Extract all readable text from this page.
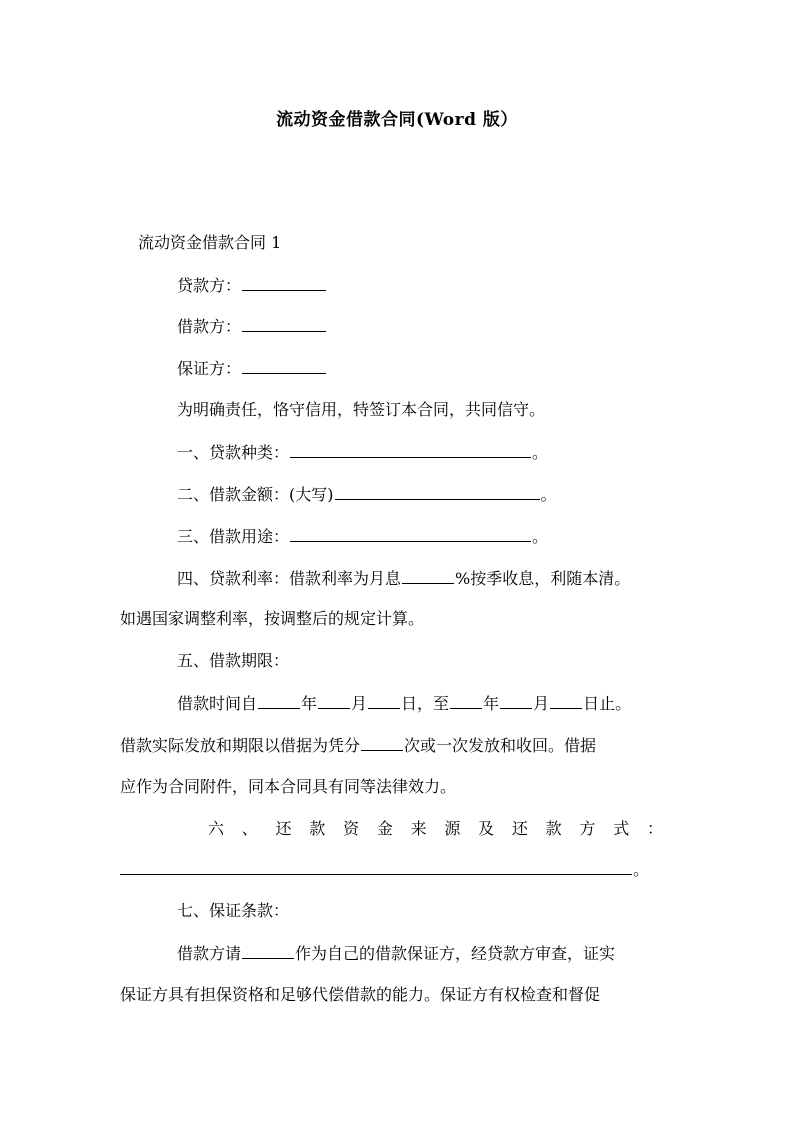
流动资金借款合同(Word 版）
流动资金借款合同 1
贷款方：
借款方：
保证方：
为明确责任，恪守信用，特签订本合同，共同信守。
一、贷款种类：	。
二、借款金额：(大写)	。
三、借款用途：	。
四、贷款利率：借款利率为月息	%按季收息，利随本清。
如遇国家调整利率，按调整后的规定计算。
五、借款期限：
借款时间自	年 月 日，至 年 月 日止。
借款实际发放和期限以借据为凭分	次或一次发放和收回。借据
应作为合同附件，同本合同具有同等法律效力。
六 、 还 款 资 金 来 源 及 还 款 方 式 ：
。
七、保证条款：
借款方请	作为自己的借款保证方，经贷款方审查，证实
保证方具有担保资格和足够代偿借款的能力。保证方有权检查和督促
